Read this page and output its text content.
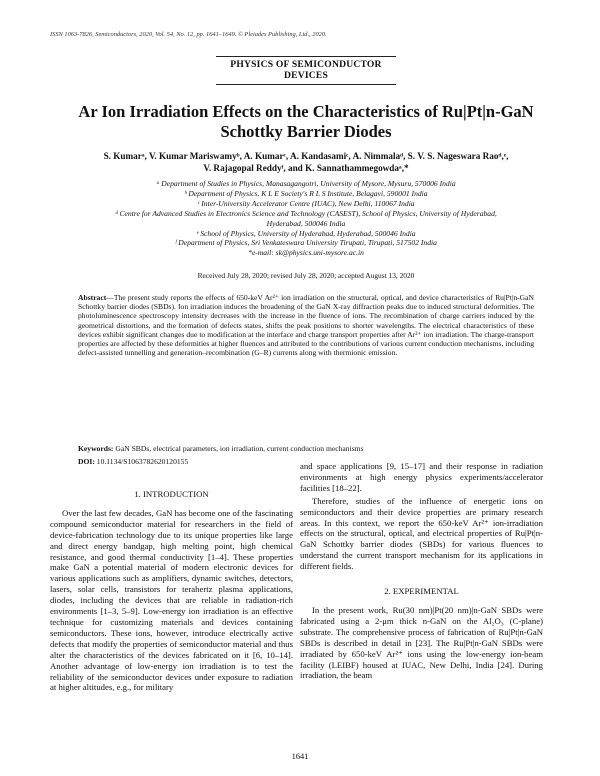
ISSN 1063-7826, Semiconductors, 2020, Vol. 54, No. 12, pp. 1641–1649. © Pleiades Publishing, Ltd., 2020.
PHYSICS OF SEMICONDUCTOR
DEVICES
Ar Ion Irradiation Effects on the Characteristics of Ru|Pt|n-GaN
Schottky Barrier Diodes
S. Kumarᵃ, V. Kumar Mariswamyᵇ, A. Kumarᶜ, A. Kandasamiᶜ, A. Nimmalaᵈ, S. V. S. Nageswara Raoᵈ,ᵉ,
V. Rajagopal Reddyᶠ, and K. Sannathammegowdaᵃ,*
ᵃ Department of Studies in Physics, Manasagangotri, University of Mysore, Mysuru, 570006 India
ᵇ Department of Physics, K L E Society's R L S Institute, Belagavi, 590001 India
ᶜ Inter-University Accelerator Centre (IUAC), New Delhi, 110067 India
ᵈ Centre for Advanced Studies in Electronics Science and Technology (CASEST), School of Physics, University of Hyderabad,
Hyderabad, 500046 India
ᵉ School of Physics, University of Hyderabad, Hyderabad, 500046 India
ᶠ Department of Physics, Sri Venkateswara University Tirupati, Tirupati, 517502 India
*e-mail: sk@physics.uni-mysore.ac.in
Received July 28, 2020; revised July 28, 2020; accepted August 13, 2020
Abstract—The present study reports the effects of 650-keV Ar²⁺ ion irradiation on the structural, optical, and device characteristics of Ru|Pt|n-GaN Schottky barrier diodes (SBDs). Ion irradiation induces the broadening of the GaN X-ray diffraction peaks due to induced structural deformities. The photoluminescence spectroscopy intensity decreases with the increase in the fluence of ions. The recombination of charge carriers induced by the geometrical distortions, and the formation of defects states, shifts the peak positions to shorter wavelengths. The electrical characteristics of these devices exhibit significant changes due to modification at the interface and charge transport properties after Ar²⁺ ion irradiation. The charge-transport properties are affected by these deformities at higher fluences and attributed to the contributions of various current conduction mechanisms, including defect-assisted tunnelling and generation–recombination (G–R) currents along with thermionic emission.
Keywords: GaN SBDs, electrical parameters, ion irradiation, current conduction mechanisms
DOI: 10.1134/S1063782620120155
1. INTRODUCTION

Over the last few decades, GaN has become one of the fascinating compound semiconductor material for researchers in the field of device-fabrication technology due to its unique properties like large and direct energy bandgap, high melting point, high chemical resistance, and good thermal conductivity [1–4]. These properties make GaN a potential material of modern electronic devices for various applications such as amplifiers, dynamic switches, detectors, lasers, solar cells, transistors for terahertz plasma applications, diodes, including the devices that are reliable in radiation-rich environments [1–3, 5–9]. Low-energy ion irradiation is an effective technique for customizing materials and devices containing semiconductors. These ions, however, introduce electrically active defects that modify the properties of semiconductor material and thus alter the characteristics of the devices fabricated on it [6, 10–14]. Another advantage of low-energy ion irradiation is to test the reliability of the semiconductor devices under exposure to radiation at higher altitudes, e.g., for military

and space applications [9, 15–17] and their response in radiation environments at high energy physics experiments/accelerator facilities [18–22].

Therefore, studies of the influence of energetic ions on semiconductors and their device properties are primary research areas. In this context, we report the 650-keV Ar²⁺ ion-irradiation effects on the structural, optical, and electrical properties of Ru|Pt|n-GaN Schottky barrier diodes (SBDs) for various fluences to understand the current transport mechanism for its applications in different fields.

2. EXPERIMENTAL

In the present work, Ru(30 nm)|Pt(20 nm)|n-GaN SBDs were fabricated using a 2-μm thick n-GaN on the Al₂O₃ (C-plane) substrate. The comprehensive process of fabrication of Ru|Pt|n-GaN SBDs is described in detail in [23]. The Ru|Pt|n-GaN SBDs were irradiated by 650-keV Ar²⁺ ions using the low-energy ion-beam facility (LEIBF) housed at IUAC, New Delhi, India [24]. During irradiation, the beam

1641
